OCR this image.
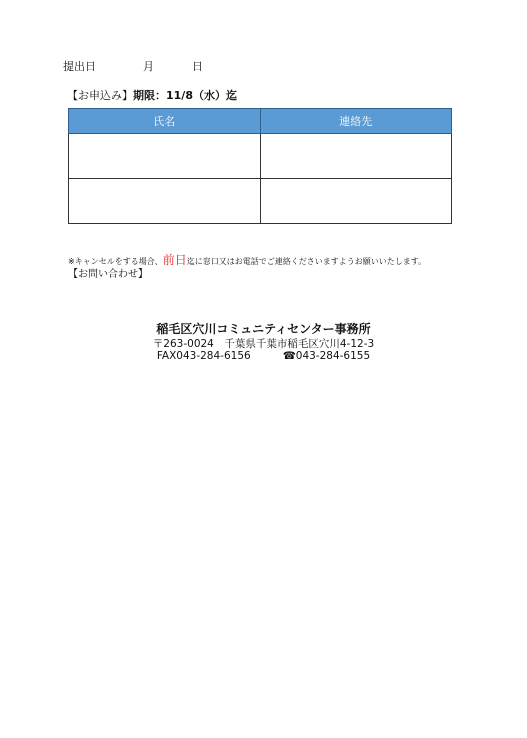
提出日	月	日
【お申込み】期限：11/8（水）迄
氏名	連絡先

※キャンセルをする場合、前日迄に窓口又はお電話でご連絡くださいますようお願いいたします。
【お問い合わせ】
稲毛区穴川コミュニティセンター事務所
〒263-0024　千葉県千葉市稲毛区穴川4-12-3
FAX043-284-6156	☎043-284-6155
